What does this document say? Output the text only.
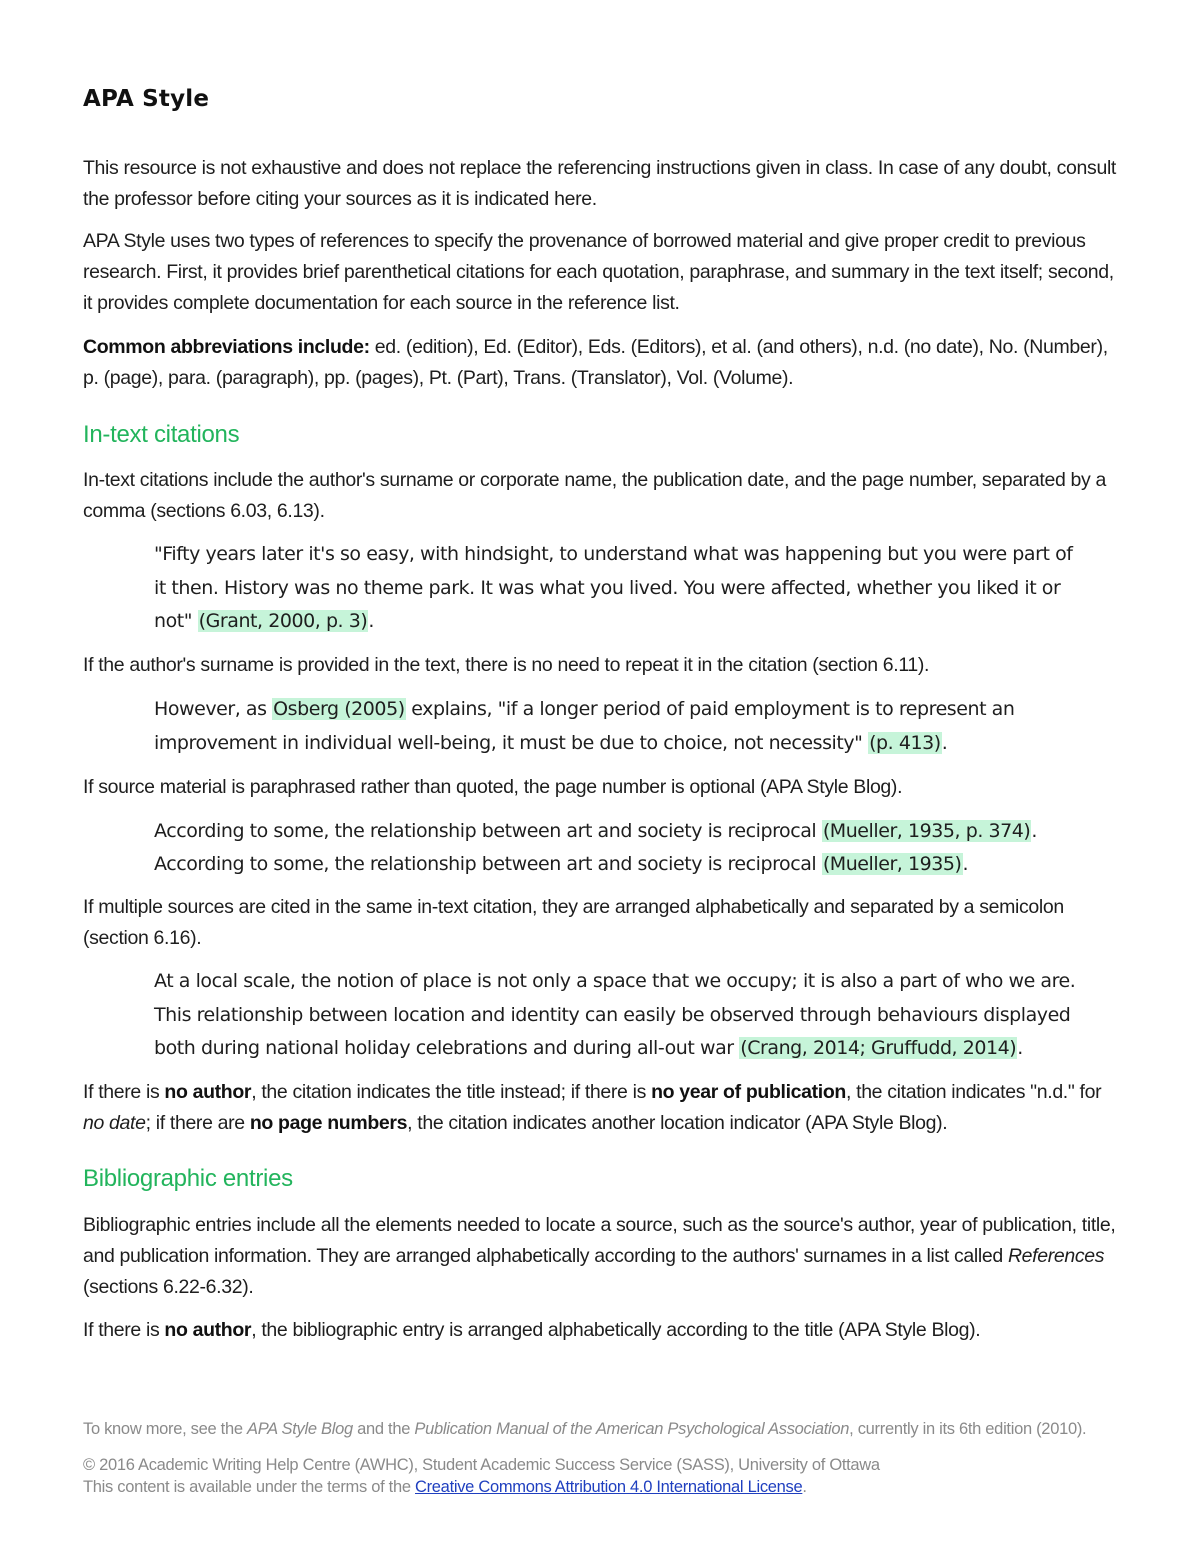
APA Style

This resource is not exhaustive and does not replace the referencing instructions given in class. In case of any doubt, consult the professor before citing your sources as it is indicated here.

APA Style uses two types of references to specify the provenance of borrowed material and give proper credit to previous research. First, it provides brief parenthetical citations for each quotation, paraphrase, and summary in the text itself; second, it provides complete documentation for each source in the reference list.

Common abbreviations include: ed. (edition), Ed. (Editor), Eds. (Editors), et al. (and others), n.d. (no date), No. (Number), p. (page), para. (paragraph), pp. (pages), Pt. (Part), Trans. (Translator), Vol. (Volume).

In-text citations

In-text citations include the author's surname or corporate name, the publication date, and the page number, separated by a comma (sections 6.03, 6.13).

"Fifty years later it's so easy, with hindsight, to understand what was happening but you were part of
it then. History was no theme park. It was what you lived. You were affected, whether you liked it or
not" (Grant, 2000, p. 3).

If the author's surname is provided in the text, there is no need to repeat it in the citation (section 6.11).

However, as Osberg (2005) explains, "if a longer period of paid employment is to represent an
improvement in individual well-being, it must be due to choice, not necessity" (p. 413).

If source material is paraphrased rather than quoted, the page number is optional (APA Style Blog).

According to some, the relationship between art and society is reciprocal (Mueller, 1935, p. 374).
According to some, the relationship between art and society is reciprocal (Mueller, 1935).

If multiple sources are cited in the same in-text citation, they are arranged alphabetically and separated by a semicolon (section 6.16).

At a local scale, the notion of place is not only a space that we occupy; it is also a part of who we are.
This relationship between location and identity can easily be observed through behaviours displayed
both during national holiday celebrations and during all-out war (Crang, 2014; Gruffudd, 2014).

If there is no author, the citation indicates the title instead; if there is no year of publication, the citation indicates "n.d." for no date; if there are no page numbers, the citation indicates another location indicator (APA Style Blog).

Bibliographic entries

Bibliographic entries include all the elements needed to locate a source, such as the source's author, year of publication, title, and publication information. They are arranged alphabetically according to the authors' surnames in a list called References (sections 6.22-6.32).

If there is no author, the bibliographic entry is arranged alphabetically according to the title (APA Style Blog).

To know more, see the APA Style Blog and the Publication Manual of the American Psychological Association, currently in its 6th edition (2010).

© 2016 Academic Writing Help Centre (AWHC), Student Academic Success Service (SASS), University of Ottawa

This content is available under the terms of the Creative Commons Attribution 4.0 International License.
